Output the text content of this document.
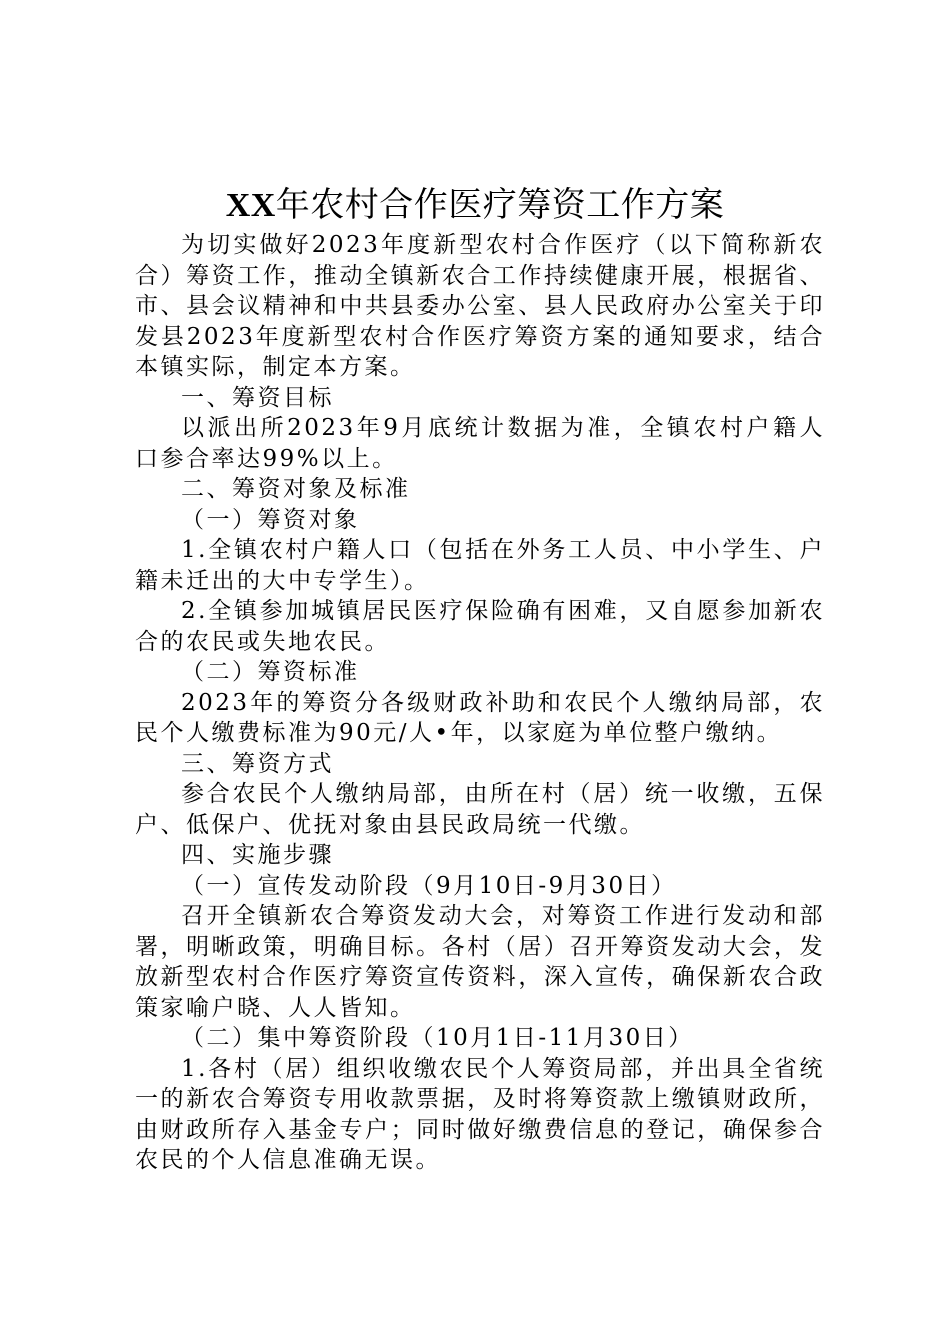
XX年农村合作医疗筹资工作方案

为切实做好2023年度新型农村合作医疗（以下简称新农合）筹资工作，推动全镇新农合工作持续健康开展，根据省、市、县会议精神和中共县委办公室、县人民政府办公室关于印发县2023年度新型农村合作医疗筹资方案的通知要求，结合本镇实际，制定本方案。

一、筹资目标

以派出所2023年9月底统计数据为准，全镇农村户籍人口参合率达99%以上。

二、筹资对象及标准

（一）筹资对象

1.全镇农村户籍人口（包括在外务工人员、中小学生、户籍未迁出的大中专学生）。

2.全镇参加城镇居民医疗保险确有困难，又自愿参加新农合的农民或失地农民。

（二）筹资标准

2023年的筹资分各级财政补助和农民个人缴纳局部，农民个人缴费标准为90元/人•年，以家庭为单位整户缴纳。

三、筹资方式

参合农民个人缴纳局部，由所在村（居）统一收缴，五保户、低保户、优抚对象由县民政局统一代缴。

四、实施步骤

（一）宣传发动阶段（9月10日-9月30日）

召开全镇新农合筹资发动大会，对筹资工作进行发动和部署，明晰政策，明确目标。各村（居）召开筹资发动大会，发放新型农村合作医疗筹资宣传资料，深入宣传，确保新农合政策家喻户晓、人人皆知。

（二）集中筹资阶段（10月1日-11月30日）

1.各村（居）组织收缴农民个人筹资局部，并出具全省统一的新农合筹资专用收款票据，及时将筹资款上缴镇财政所，由财政所存入基金专户；同时做好缴费信息的登记，确保参合农民的个人信息准确无误。
